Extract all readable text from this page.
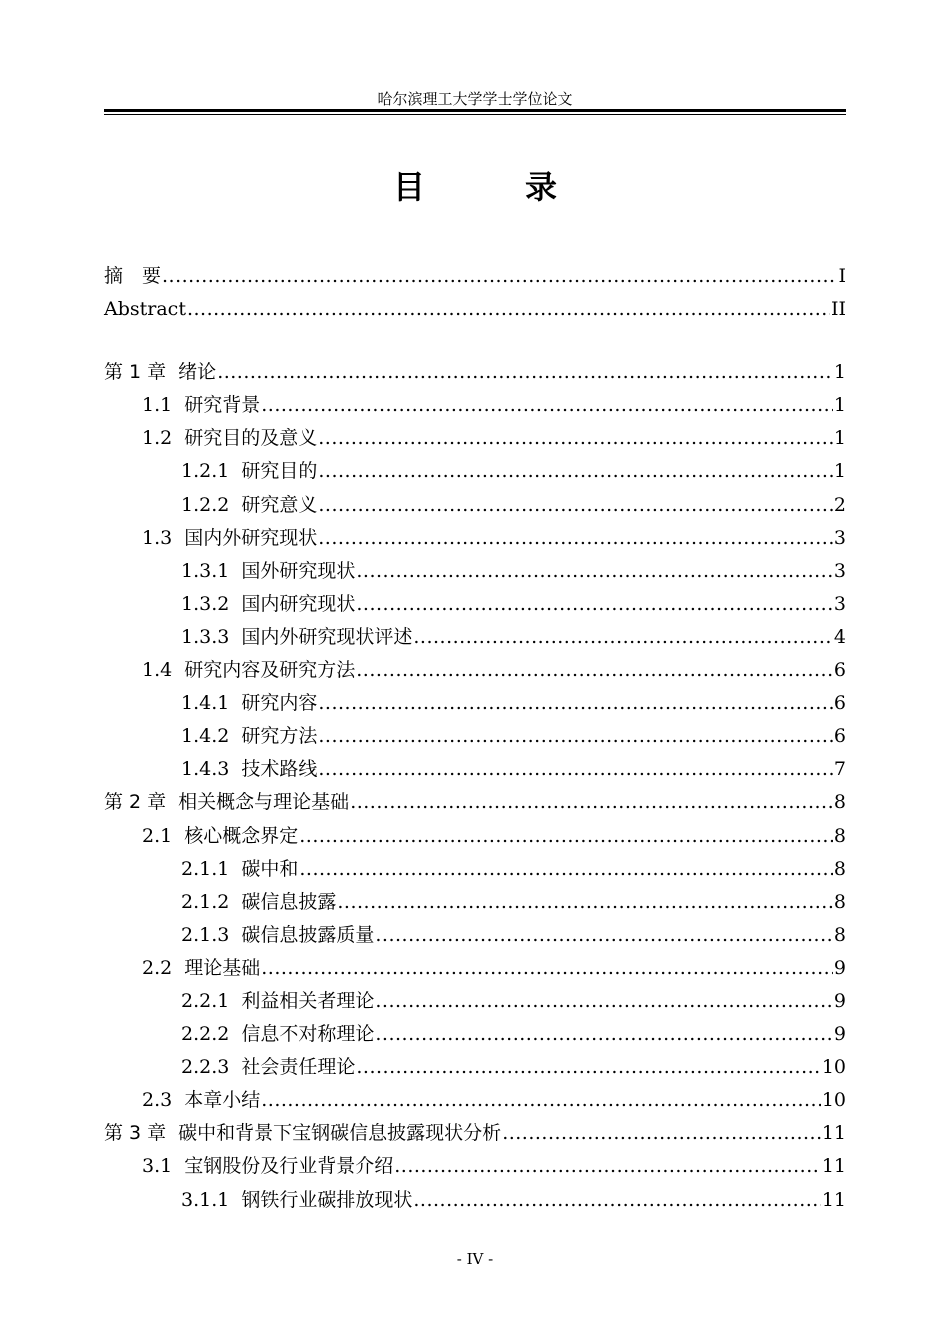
哈尔滨理工大学学士学位论文
目　录
摘　要 .....	I
Abstract .....	II
第 1 章 绪论 .....	1
1.1 研究背景 .....	1
1.2 研究目的及意义 .....	1
1.2.1 研究目的 .....	1
1.2.2 研究意义 .....	2
1.3 国内外研究现状 .....	3
1.3.1 国外研究现状 .....	3
1.3.2 国内研究现状 .....	3
1.3.3 国内外研究现状评述 .....	4
1.4 研究内容及研究方法 .....	6
1.4.1 研究内容 .....	6
1.4.2 研究方法 .....	6
1.4.3 技术路线 .....	7
第 2 章 相关概念与理论基础 .....	8
2.1 核心概念界定 .....	8
2.1.1 碳中和 .....	8
2.1.2 碳信息披露 .....	8
2.1.3 碳信息披露质量 .....	8
2.2 理论基础 .....	9
2.2.1 利益相关者理论 .....	9
2.2.2 信息不对称理论 .....	9
2.2.3 社会责任理论 .....	10
2.3 本章小结 .....	10
第 3 章 碳中和背景下宝钢碳信息披露现状分析 .....	11
3.1 宝钢股份及行业背景介绍 .....	11
3.1.1 钢铁行业碳排放现状 .....	11
- IV -
